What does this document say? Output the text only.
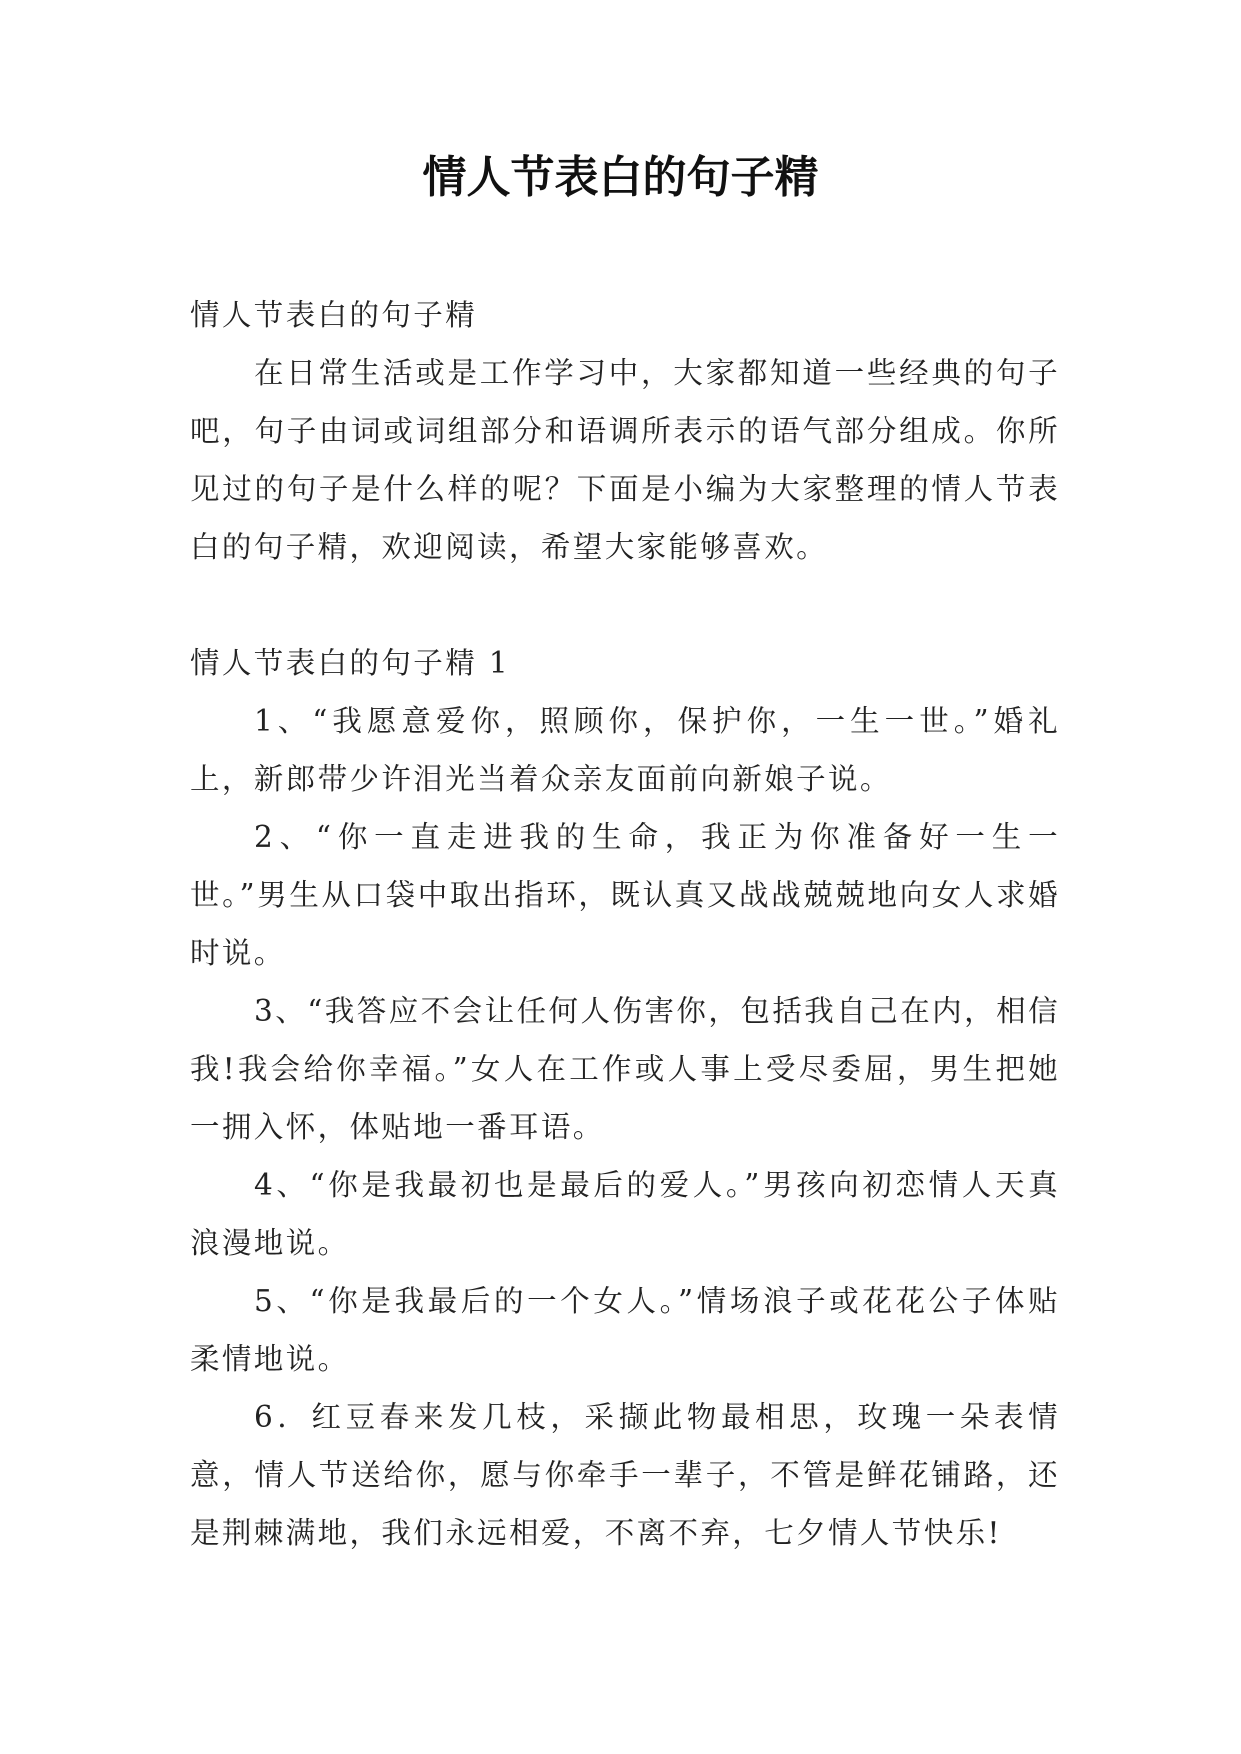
情人节表白的句子精

情人节表白的句子精

在日常生活或是工作学习中，大家都知道一些经典的句子吧，句子由词或词组部分和语调所表示的语气部分组成。你所见过的句子是什么样的呢？下面是小编为大家整理的情人节表白的句子精，欢迎阅读，希望大家能够喜欢。

情人节表白的句子精 1

1、“我愿意爱你，照顾你，保护你，一生一世。”婚礼上，新郎带少许泪光当着众亲友面前向新娘子说。

2、“你一直走进我的生命，我正为你准备好一生一世。”男生从口袋中取出指环，既认真又战战兢兢地向女人求婚时说。

3、“我答应不会让任何人伤害你，包括我自己在内，相信我!我会给你幸福。”女人在工作或人事上受尽委屈，男生把她一拥入怀，体贴地一番耳语。

4、“你是我最初也是最后的爱人。”男孩向初恋情人天真浪漫地说。

5、“你是我最后的一个女人。”情场浪子或花花公子体贴柔情地说。

6．红豆春来发几枝，采撷此物最相思，玫瑰一朵表情意，情人节送给你，愿与你牵手一辈子，不管是鲜花铺路，还是荆棘满地，我们永远相爱，不离不弃，七夕情人节快乐!
